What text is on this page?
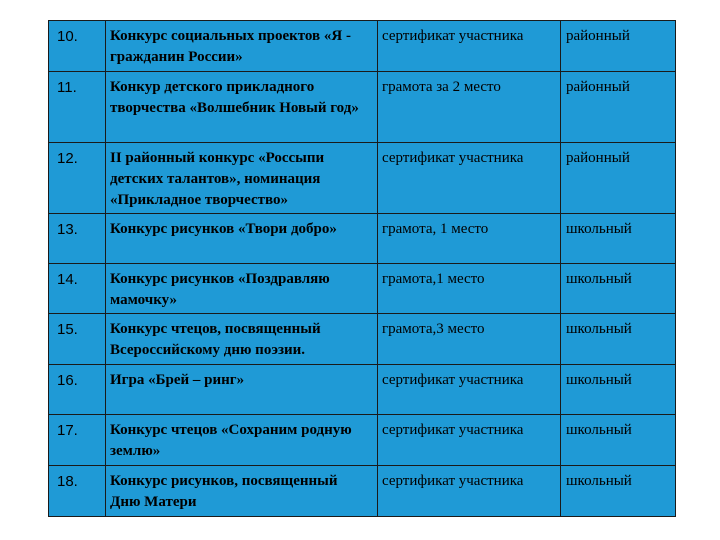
10.	Конкурс социальных проектов «Я - гражданин России»	сертификат участника	районный
11.	Конкур детского прикладного творчества «Волшебник Новый год»	грамота за 2 место	районный
12.	II районный конкурс «Россыпи детских талантов», номинация «Прикладное творчество»	сертификат участника	районный
13.	Конкурс рисунков «Твори добро»	грамота, 1 место	школьный
14.	Конкурс рисунков «Поздравляю мамочку»	грамота,1 место	школьный
15.	Конкурс чтецов, посвященный Всероссийскому дню поэзии.	грамота,3 место	школьный
16.	Игра «Брей – ринг»	сертификат участника	школьный
17.	Конкурс чтецов «Сохраним родную землю»	сертификат участника	школьный
18.	Конкурс рисунков, посвященный Дню Матери	сертификат участника	школьный
